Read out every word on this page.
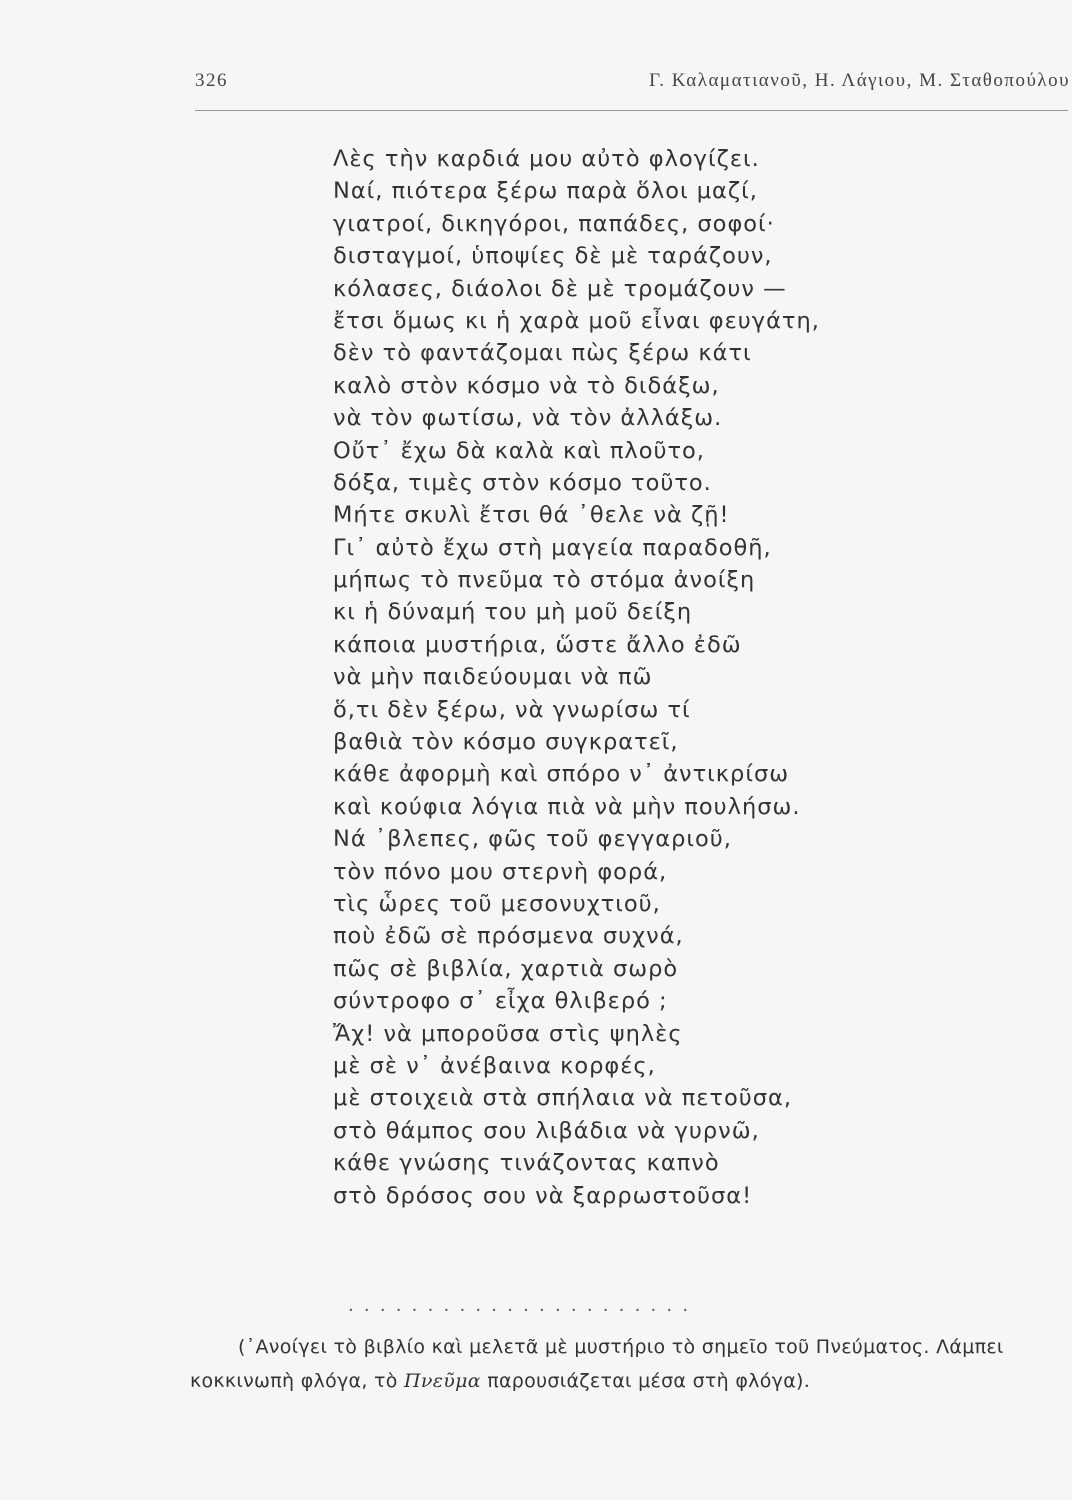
326	Γ. Καλαματιανοῦ, Η. Λάγιου, Μ. Σταθοπούλου
Λὲς τὴν καρδιά μου αὐτὸ φλογίζει.
Ναί, πιότερα ξέρω παρὰ ὅλοι μαζί,
γιατροί, δικηγόροι, παπάδες, σοφοί·
δισταγμοί, ὑποψίες δὲ μὲ ταράζουν,
κόλασες, διάολοι δὲ μὲ τρομάζουν —
ἔτσι ὅμως κι ἡ χαρὰ μοῦ εἶναι φευγάτη,
δὲν τὸ φαντάζομαι πὼς ξέρω κάτι
καλὸ στὸν κόσμο νὰ τὸ διδάξω,
νὰ τὸν φωτίσω, νὰ τὸν ἀλλάξω.
Οὔτ᾽ ἔχω δὰ καλὰ καὶ πλοῦτο,
δόξα, τιμὲς στὸν κόσμο τοῦτο.
Μήτε σκυλὶ ἔτσι θά ᾽θελε νὰ ζῇ!
Γι᾽ αὐτὸ ἔχω στὴ μαγεία παραδοθῆ,
μήπως τὸ πνεῦμα τὸ στόμα ἀνοίξη
κι ἡ δύναμή του μὴ μοῦ δείξη
κάποια μυστήρια, ὥστε ἄλλο ἐδῶ
νὰ μὴν παιδεύουμαι νὰ πῶ
ὅ,τι δὲν ξέρω, νὰ γνωρίσω τί
βαθιὰ τὸν κόσμο συγκρατεῖ,
κάθε ἀφορμὴ καὶ σπόρο ν᾽ ἀντικρίσω
καὶ κούφια λόγια πιὰ νὰ μὴν πουλήσω.
Νά ᾽βλεπες, φῶς τοῦ φεγγαριοῦ,
τὸν πόνο μου στερνὴ φορά,
τὶς ὧρες τοῦ μεσονυχτιοῦ,
ποὺ ἐδῶ σὲ πρόσμενα συχνά,
πῶς σὲ βιβλία, χαρτιὰ σωρὸ
σύντροφο σ᾽ εἶχα θλιβερό ;
Ἄχ! νὰ μποροῦσα στὶς ψηλὲς
μὲ σὲ ν᾽ ἀνέβαινα κορφές,
μὲ στοιχειὰ στὰ σπήλαια νὰ πετοῦσα,
στὸ θάμπος σου λιβάδια νὰ γυρνῶ,
κάθε γνώσης τινάζοντας καπνὸ
στὸ δρόσος σου νὰ ξαρρωστοῦσα!
......................
(᾽Ανοίγει τὸ βιβλίο καὶ μελετᾶ μὲ μυστήριο τὸ σημεῖο τοῦ Πνεύματος. Λάμπει
κοκκινωπὴ φλόγα, τὸ Πνεῦμα παρουσιάζεται μέσα στὴ φλόγα).
